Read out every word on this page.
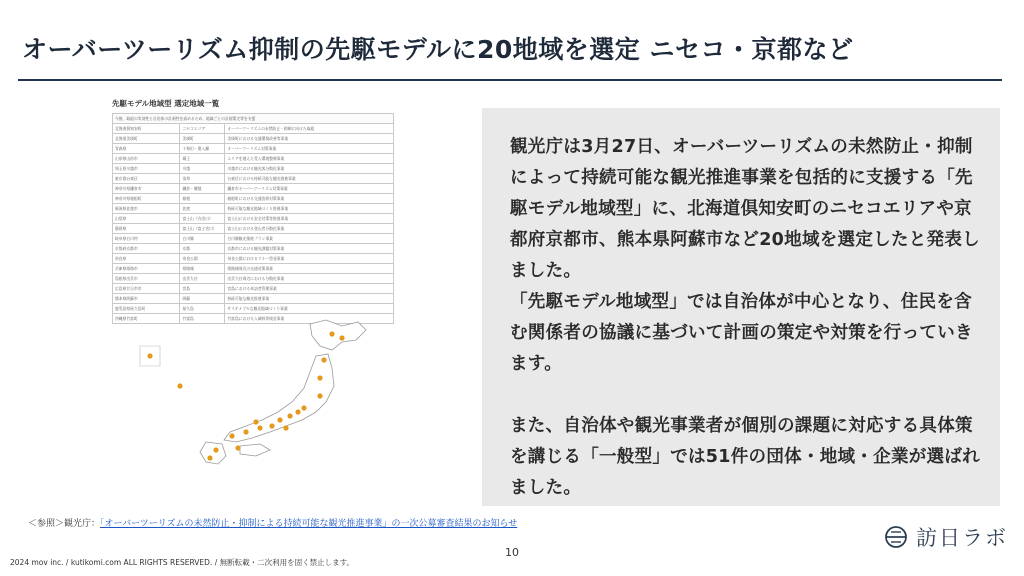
オーバーツーリズム抑制の先駆モデルに20地域を選定 ニセコ・京都など
先駆モデル地域型 選定地域一覧
今後、取組の実効性と自治体の計画性を高めるため、地域ごとの計画策定等を支援		
北海道倶知安町	ニセコエリア	オーバーツーリズムの未然防止・抑制に向けた取組
北海道美瑛町	美瑛町	美瑛町における交通環境改善等事業
青森県	十和田・奥入瀬	オーバーツーリズム対策事業
山形県山形市	蔵王	エリアを越えた受入環境整備事業
埼玉県川越市	川越	川越市における観光客分散化事業
東京都台東区	浅草	台東区における持続可能な観光推進事業
神奈川県鎌倉市	鎌倉・腰越	鎌倉市オーバーツーリズム対策事業
神奈川県箱根町	箱根	箱根町における交通渋滞対策事業
新潟県佐渡市	佐渡	持続可能な観光地域づくり推進事業
山梨県	富士山（吉田口）	富士山における安全対策等推進事業
静岡県	富士山（富士宮口）	富士山における登山者分散化事業
岐阜県白川村	白川郷	白川郷観光推進プラン事業
京都府京都市	京都	京都市における観光課題対策事業
奈良県	奈良公園	奈良公園におけるマナー啓発事業
兵庫県姫路市	姫路城	姫路城周辺の交通対策事業
島根県出雲市	出雲大社	出雲大社周辺における分散化事業
広島県廿日市市	宮島	宮島における来訪者管理事業
熊本県阿蘇市	阿蘇	持続可能な観光推進事業
鹿児島県屋久島町	屋久島	サステナブルな観光地域づくり事業
沖縄県竹富町	竹富島	竹富島における入域料等検討事業

観光庁は3月27日、オーバーツーリズムの未然防止・抑制によって持続可能な観光推進事業を包括的に支援する「先駆モデル地域型」に、北海道倶知安町のニセコエリアや京都府京都市、熊本県阿蘇市など20地域を選定したと発表しました。

「先駆モデル地域型」では自治体が中心となり、住民を含む関係者の協議に基づいて計画の策定や対策を行っていきます。

また、自治体や観光事業者が個別の課題に対応する具体策を講じる「一般型」では51件の団体・地域・企業が選ばれました。

＜参照＞観光庁：「オーバーツーリズムの未然防止・抑制による持続可能な観光推進事業」の一次公募審査結果のお知らせ
訪日ラボ
10
2024 mov inc. / kutikomi.com ALL RIGHTS RESERVED. / 無断転載・二次利用を固く禁止します。
